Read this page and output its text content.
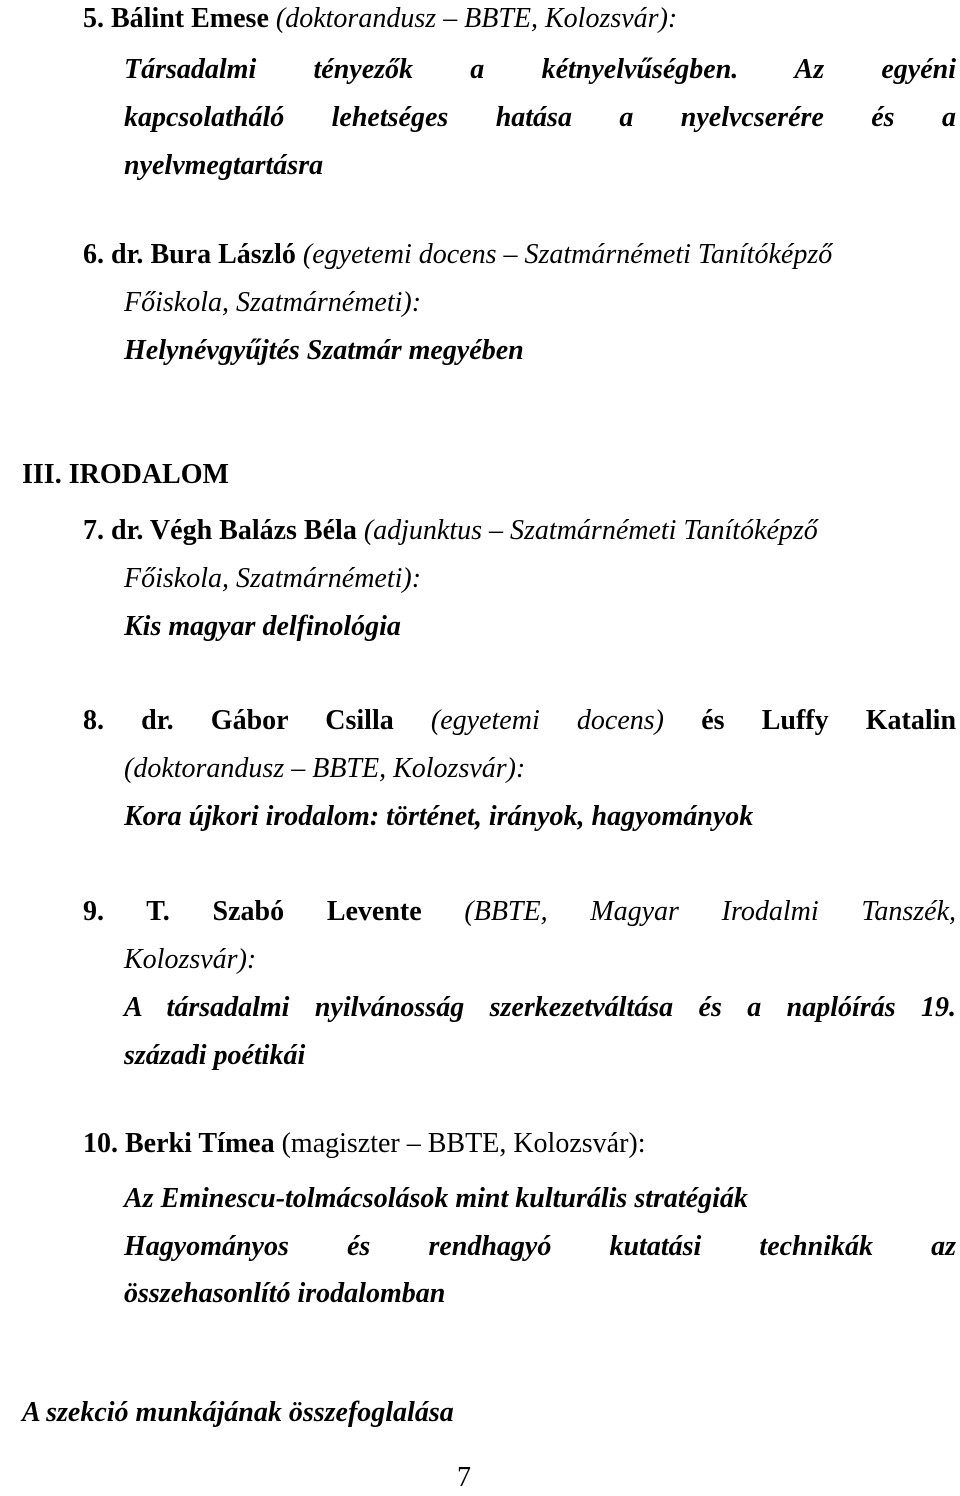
5. Bálint Emese (doktorandusz – BBTE, Kolozsvár):
Társadalmi tényezők a kétnyelvűségben. Az egyéni
kapcsolatháló lehetséges hatása a nyelvcserére és a
nyelvmegtartásra
6. dr. Bura László (egyetemi docens – Szatmárnémeti Tanítóképző
Főiskola, Szatmárnémeti):
Helynévgyűjtés Szatmár megyében
III. IRODALOM
7. dr. Végh Balázs Béla (adjunktus – Szatmárnémeti Tanítóképző
Főiskola, Szatmárnémeti):
Kis magyar delfinológia
8. dr. Gábor Csilla (egyetemi docens) és Luffy Katalin
(doktorandusz – BBTE, Kolozsvár):
Kora újkori irodalom: történet, irányok, hagyományok
9. T. Szabó Levente (BBTE, Magyar Irodalmi Tanszék,
Kolozsvár):
A társadalmi nyilvánosság szerkezetváltása és a naplóírás 19.
századi poétikái
10. Berki Tímea (magiszter – BBTE, Kolozsvár):
Az Eminescu-tolmácsolások mint kulturális stratégiák
Hagyományos és rendhagyó kutatási technikák az
összehasonlító irodalomban
A szekció munkájának összefoglalása
7
